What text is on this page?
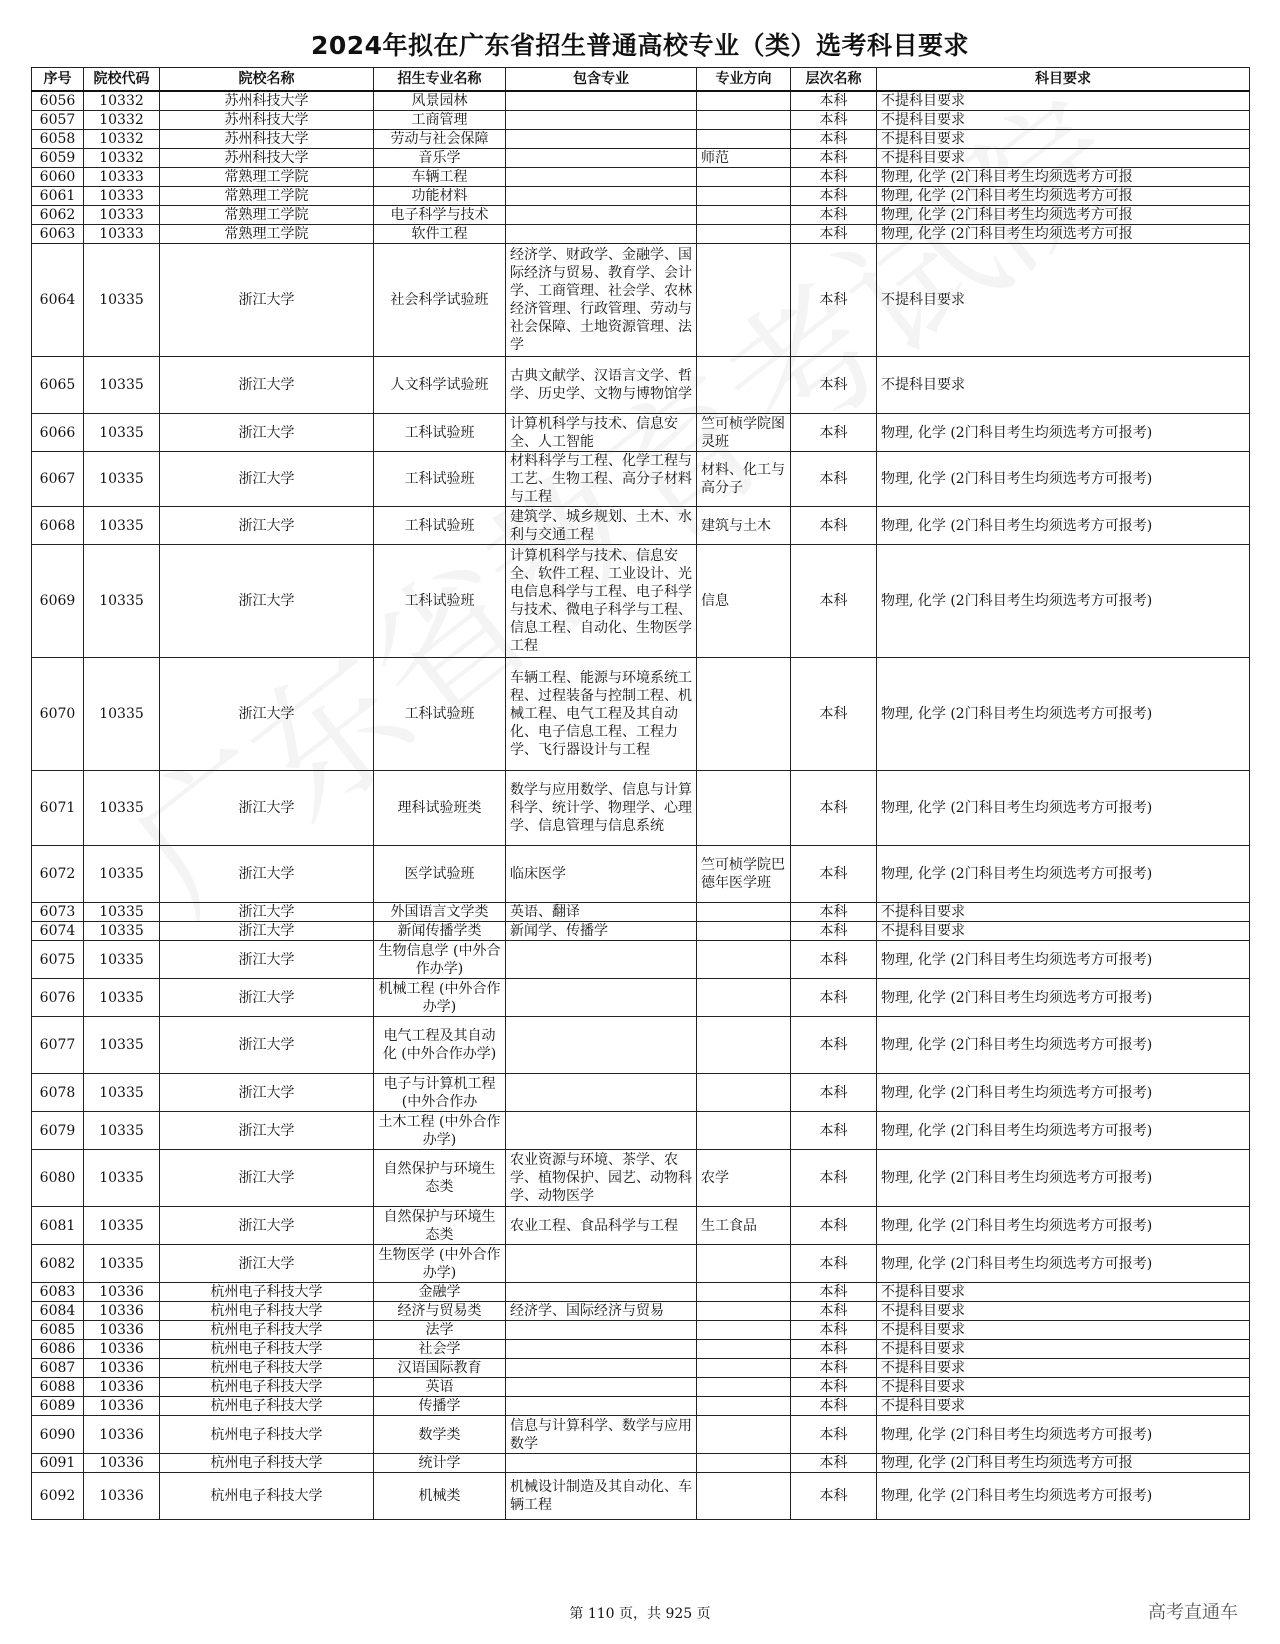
2024年拟在广东省招生普通高校专业（类）选考科目要求
序号	院校代码	院校名称	招生专业名称	包含专业	专业方向	层次名称	科目要求
6056	10332	苏州科技大学	风景园林			本科	不提科目要求
6057	10332	苏州科技大学	工商管理			本科	不提科目要求
6058	10332	苏州科技大学	劳动与社会保障			本科	不提科目要求
6059	10332	苏州科技大学	音乐学		师范	本科	不提科目要求
6060	10333	常熟理工学院	车辆工程			本科	物理, 化学 (2门科目考生均须选考方可报
6061	10333	常熟理工学院	功能材料			本科	物理, 化学 (2门科目考生均须选考方可报
6062	10333	常熟理工学院	电子科学与技术			本科	物理, 化学 (2门科目考生均须选考方可报
6063	10333	常熟理工学院	软件工程			本科	物理, 化学 (2门科目考生均须选考方可报
6064	10335	浙江大学	社会科学试验班	经济学、财政学、金融学、国际经济与贸易、教育学、会计学、工商管理、社会学、农林经济管理、行政管理、劳动与社会保障、土地资源管理、法学		本科	不提科目要求
6065	10335	浙江大学	人文科学试验班	古典文献学、汉语言文学、哲学、历史学、文物与博物馆学		本科	不提科目要求
6066	10335	浙江大学	工科试验班	计算机科学与技术、信息安全、人工智能	竺可桢学院图灵班	本科	物理, 化学 (2门科目考生均须选考方可报考)
6067	10335	浙江大学	工科试验班	材料科学与工程、化学工程与工艺、生物工程、高分子材料与工程	材料、化工与高分子	本科	物理, 化学 (2门科目考生均须选考方可报考)
6068	10335	浙江大学	工科试验班	建筑学、城乡规划、土木、水利与交通工程	建筑与土木	本科	物理, 化学 (2门科目考生均须选考方可报考)
6069	10335	浙江大学	工科试验班	计算机科学与技术、信息安全、软件工程、工业设计、光电信息科学与工程、电子科学与技术、微电子科学与工程、信息工程、自动化、生物医学工程	信息	本科	物理, 化学 (2门科目考生均须选考方可报考)
6070	10335	浙江大学	工科试验班	车辆工程、能源与环境系统工程、过程装备与控制工程、机械工程、电气工程及其自动化、电子信息工程、工程力学、飞行器设计与工程		本科	物理, 化学 (2门科目考生均须选考方可报考)
6071	10335	浙江大学	理科试验班类	数学与应用数学、信息与计算科学、统计学、物理学、心理学、信息管理与信息系统		本科	物理, 化学 (2门科目考生均须选考方可报考)
6072	10335	浙江大学	医学试验班	临床医学	竺可桢学院巴德年医学班	本科	物理, 化学 (2门科目考生均须选考方可报考)
6073	10335	浙江大学	外国语言文学类	英语、翻译		本科	不提科目要求
6074	10335	浙江大学	新闻传播学类	新闻学、传播学		本科	不提科目要求
6075	10335	浙江大学	生物信息学 (中外合作办学)			本科	物理, 化学 (2门科目考生均须选考方可报考)
6076	10335	浙江大学	机械工程 (中外合作办学)			本科	物理, 化学 (2门科目考生均须选考方可报考)
6077	10335	浙江大学	电气工程及其自动化 (中外合作办学)			本科	物理, 化学 (2门科目考生均须选考方可报考)
6078	10335	浙江大学	电子与计算机工程 (中外合作办			本科	物理, 化学 (2门科目考生均须选考方可报考)
6079	10335	浙江大学	土木工程 (中外合作办学)			本科	物理, 化学 (2门科目考生均须选考方可报考)
6080	10335	浙江大学	自然保护与环境生态类	农业资源与环境、茶学、农学、植物保护、园艺、动物科学、动物医学	农学	本科	物理, 化学 (2门科目考生均须选考方可报考)
6081	10335	浙江大学	自然保护与环境生态类	农业工程、食品科学与工程	生工食品	本科	物理, 化学 (2门科目考生均须选考方可报考)
6082	10335	浙江大学	生物医学 (中外合作办学)			本科	物理, 化学 (2门科目考生均须选考方可报考)
6083	10336	杭州电子科技大学	金融学			本科	不提科目要求
6084	10336	杭州电子科技大学	经济与贸易类	经济学、国际经济与贸易		本科	不提科目要求
6085	10336	杭州电子科技大学	法学			本科	不提科目要求
6086	10336	杭州电子科技大学	社会学			本科	不提科目要求
6087	10336	杭州电子科技大学	汉语国际教育			本科	不提科目要求
6088	10336	杭州电子科技大学	英语			本科	不提科目要求
6089	10336	杭州电子科技大学	传播学			本科	不提科目要求
6090	10336	杭州电子科技大学	数学类	信息与计算科学、数学与应用数学		本科	物理, 化学 (2门科目考生均须选考方可报考)
6091	10336	杭州电子科技大学	统计学			本科	物理, 化学 (2门科目考生均须选考方可报
6092	10336	杭州电子科技大学	机械类	机械设计制造及其自动化、车辆工程		本科	物理, 化学 (2门科目考生均须选考方可报考)
第 110 页，共 925 页	高考直通车
